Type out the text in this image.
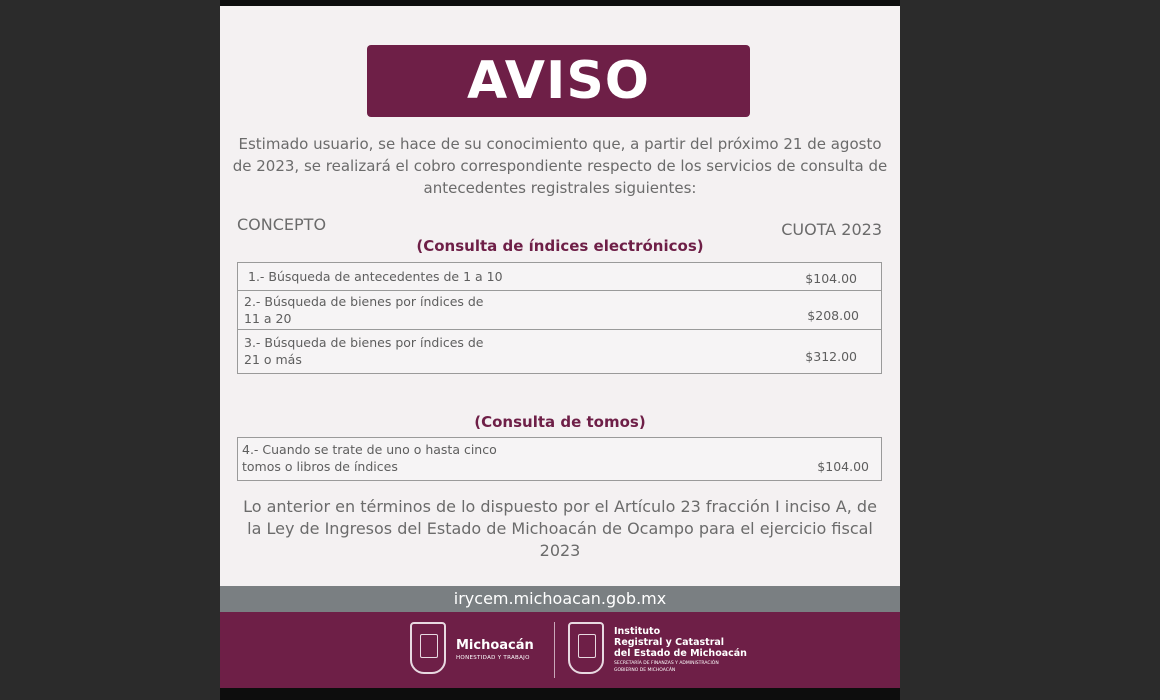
AVISO
Estimado usuario, se hace de su conocimiento que, a partir del próximo 21 de agosto de 2023, se realizará el cobro correspondiente respecto de los servicios de consulta de antecedentes registrales siguientes:
CONCEPTO	CUOTA 2023
(Consulta de índices electrónicos)
1.- Búsqueda de antecedentes de 1 a 10	$104.00
2.- Búsqueda de bienes por índices de
11 a 20	$208.00
3.- Búsqueda de bienes por índices de
21 o más	$312.00
(Consulta de tomos)
4.- Cuando se trate de uno o hasta cinco
tomos o libros de índices	$104.00
Lo anterior en términos de lo dispuesto por el Artículo 23 fracción I inciso A, de la Ley de Ingresos del Estado de Michoacán de Ocampo para el ejercicio fiscal 2023
irycem.michoacan.gob.mx
Michoacán
HONESTIDAD Y TRABAJO
Instituto
Registral y Catastral
del Estado de Michoacán
SECRETARÍA DE FINANZAS Y ADMINISTRACIÓN
GOBIERNO DE MICHOACÁN
